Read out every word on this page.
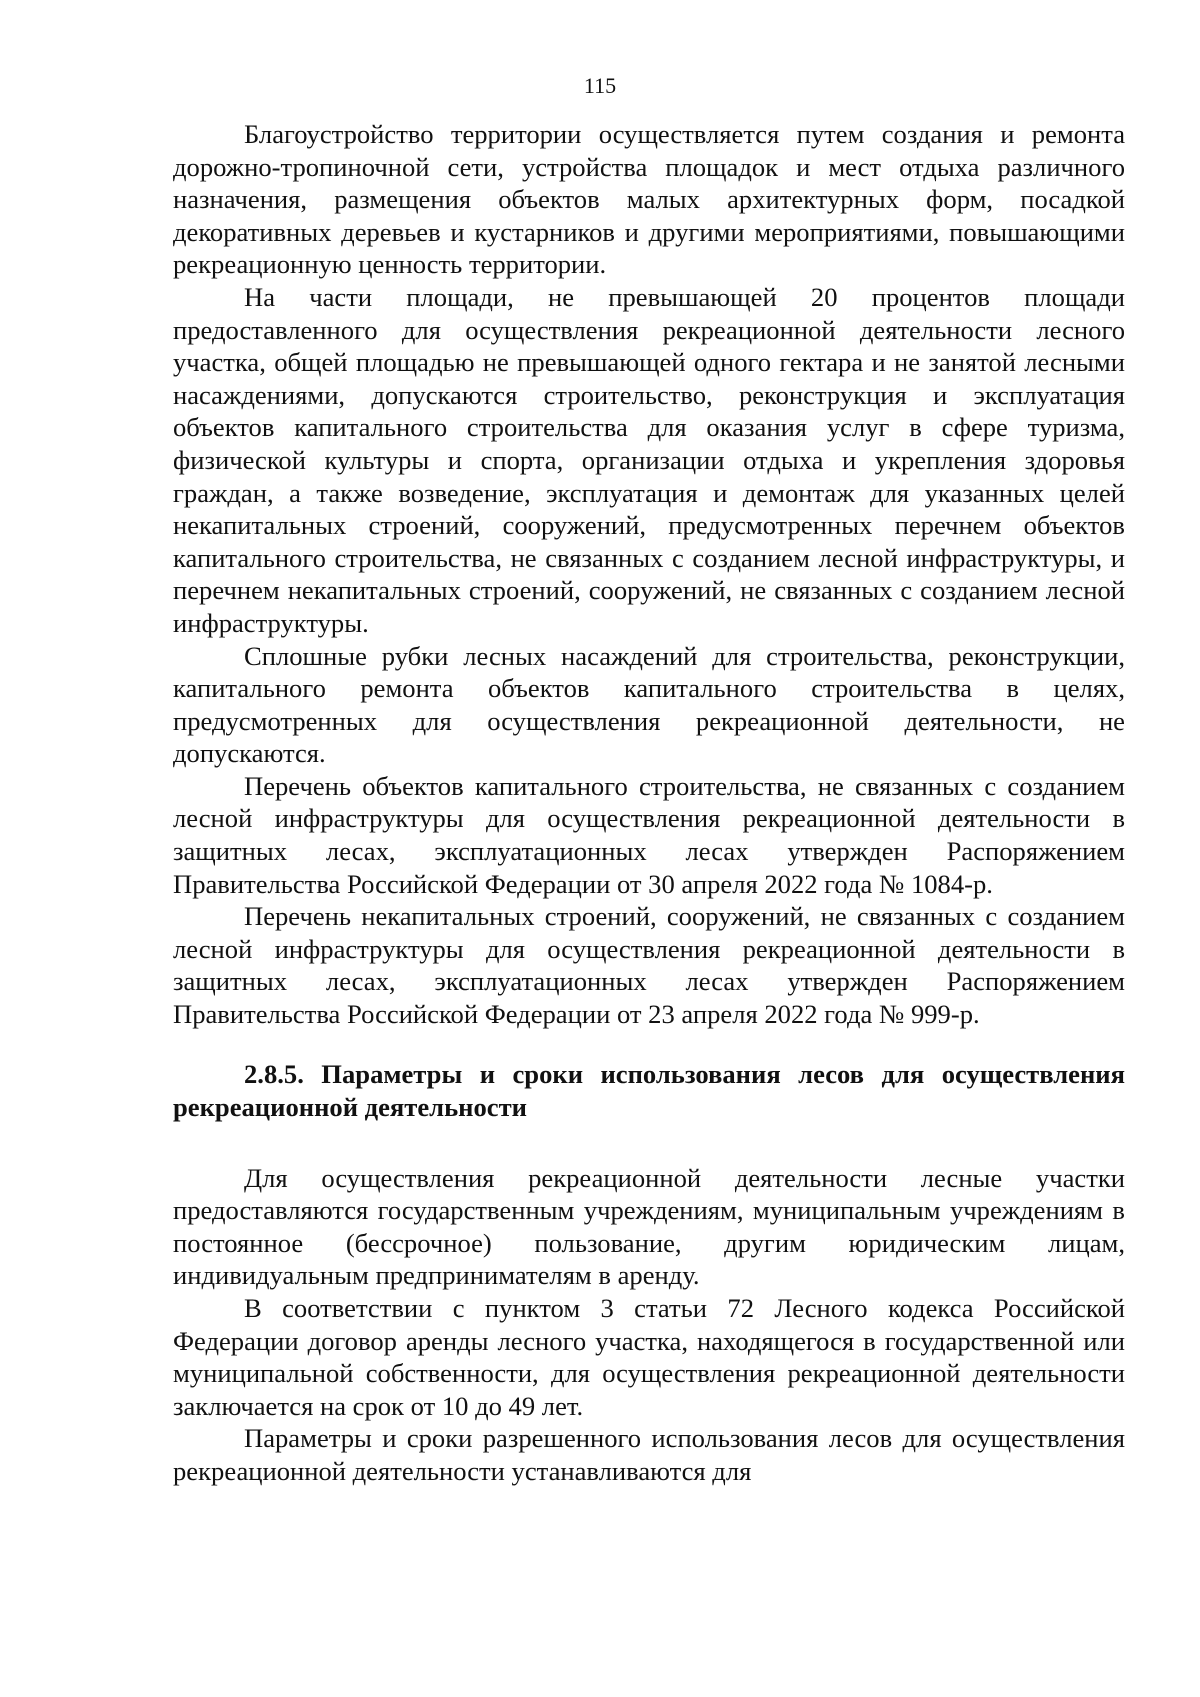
115

Благоустройство территории осуществляется путем создания и ремонта дорожно-тропиночной сети, устройства площадок и мест отдыха различного назначения, размещения объектов малых архитектурных форм, посадкой декоративных деревьев и кустарников и другими мероприятиями, повышающими рекреационную ценность территории.

На части площади, не превышающей 20 процентов площади предоставленного для осуществления рекреационной деятельности лесного участка, общей площадью не превышающей одного гектара и не занятой лесными насаждениями, допускаются строительство, реконструкция и эксплуатация объектов капитального строительства для оказания услуг в сфере туризма, физической культуры и спорта, организации отдыха и укрепления здоровья граждан, а также возведение, эксплуатация и демонтаж для указанных целей некапитальных строений, сооружений, предусмотренных перечнем объектов капитального строительства, не связанных с созданием лесной инфраструктуры, и перечнем некапитальных строений, сооружений, не связанных с созданием лесной инфраструктуры.

Сплошные рубки лесных насаждений для строительства, реконструкции, капитального ремонта объектов капитального строительства в целях, предусмотренных для осуществления рекреационной деятельности, не допускаются.

Перечень объектов капитального строительства, не связанных с созданием лесной инфраструктуры для осуществления рекреационной деятельности в защитных лесах, эксплуатационных лесах утвержден Распоряжением Правительства Российской Федерации от 30 апреля 2022 года № 1084-р.

Перечень некапитальных строений, сооружений, не связанных с созданием лесной инфраструктуры для осуществления рекреационной деятельности в защитных лесах, эксплуатационных лесах утвержден Распоряжением Правительства Российской Федерации от 23 апреля 2022 года № 999-р.

2.8.5. Параметры и сроки использования лесов для осуществления рекреационной деятельности

Для осуществления рекреационной деятельности лесные участки предоставляются государственным учреждениям, муниципальным учреждениям в постоянное (бессрочное) пользование, другим юридическим лицам, индивидуальным предпринимателям в аренду.

В соответствии с пунктом 3 статьи 72 Лесного кодекса Российской Федерации договор аренды лесного участка, находящегося в государственной или муниципальной собственности, для осуществления рекреационной деятельности заключается на срок от 10 до 49 лет.

Параметры и сроки разрешенного использования лесов для осуществления рекреационной деятельности устанавливаются для
